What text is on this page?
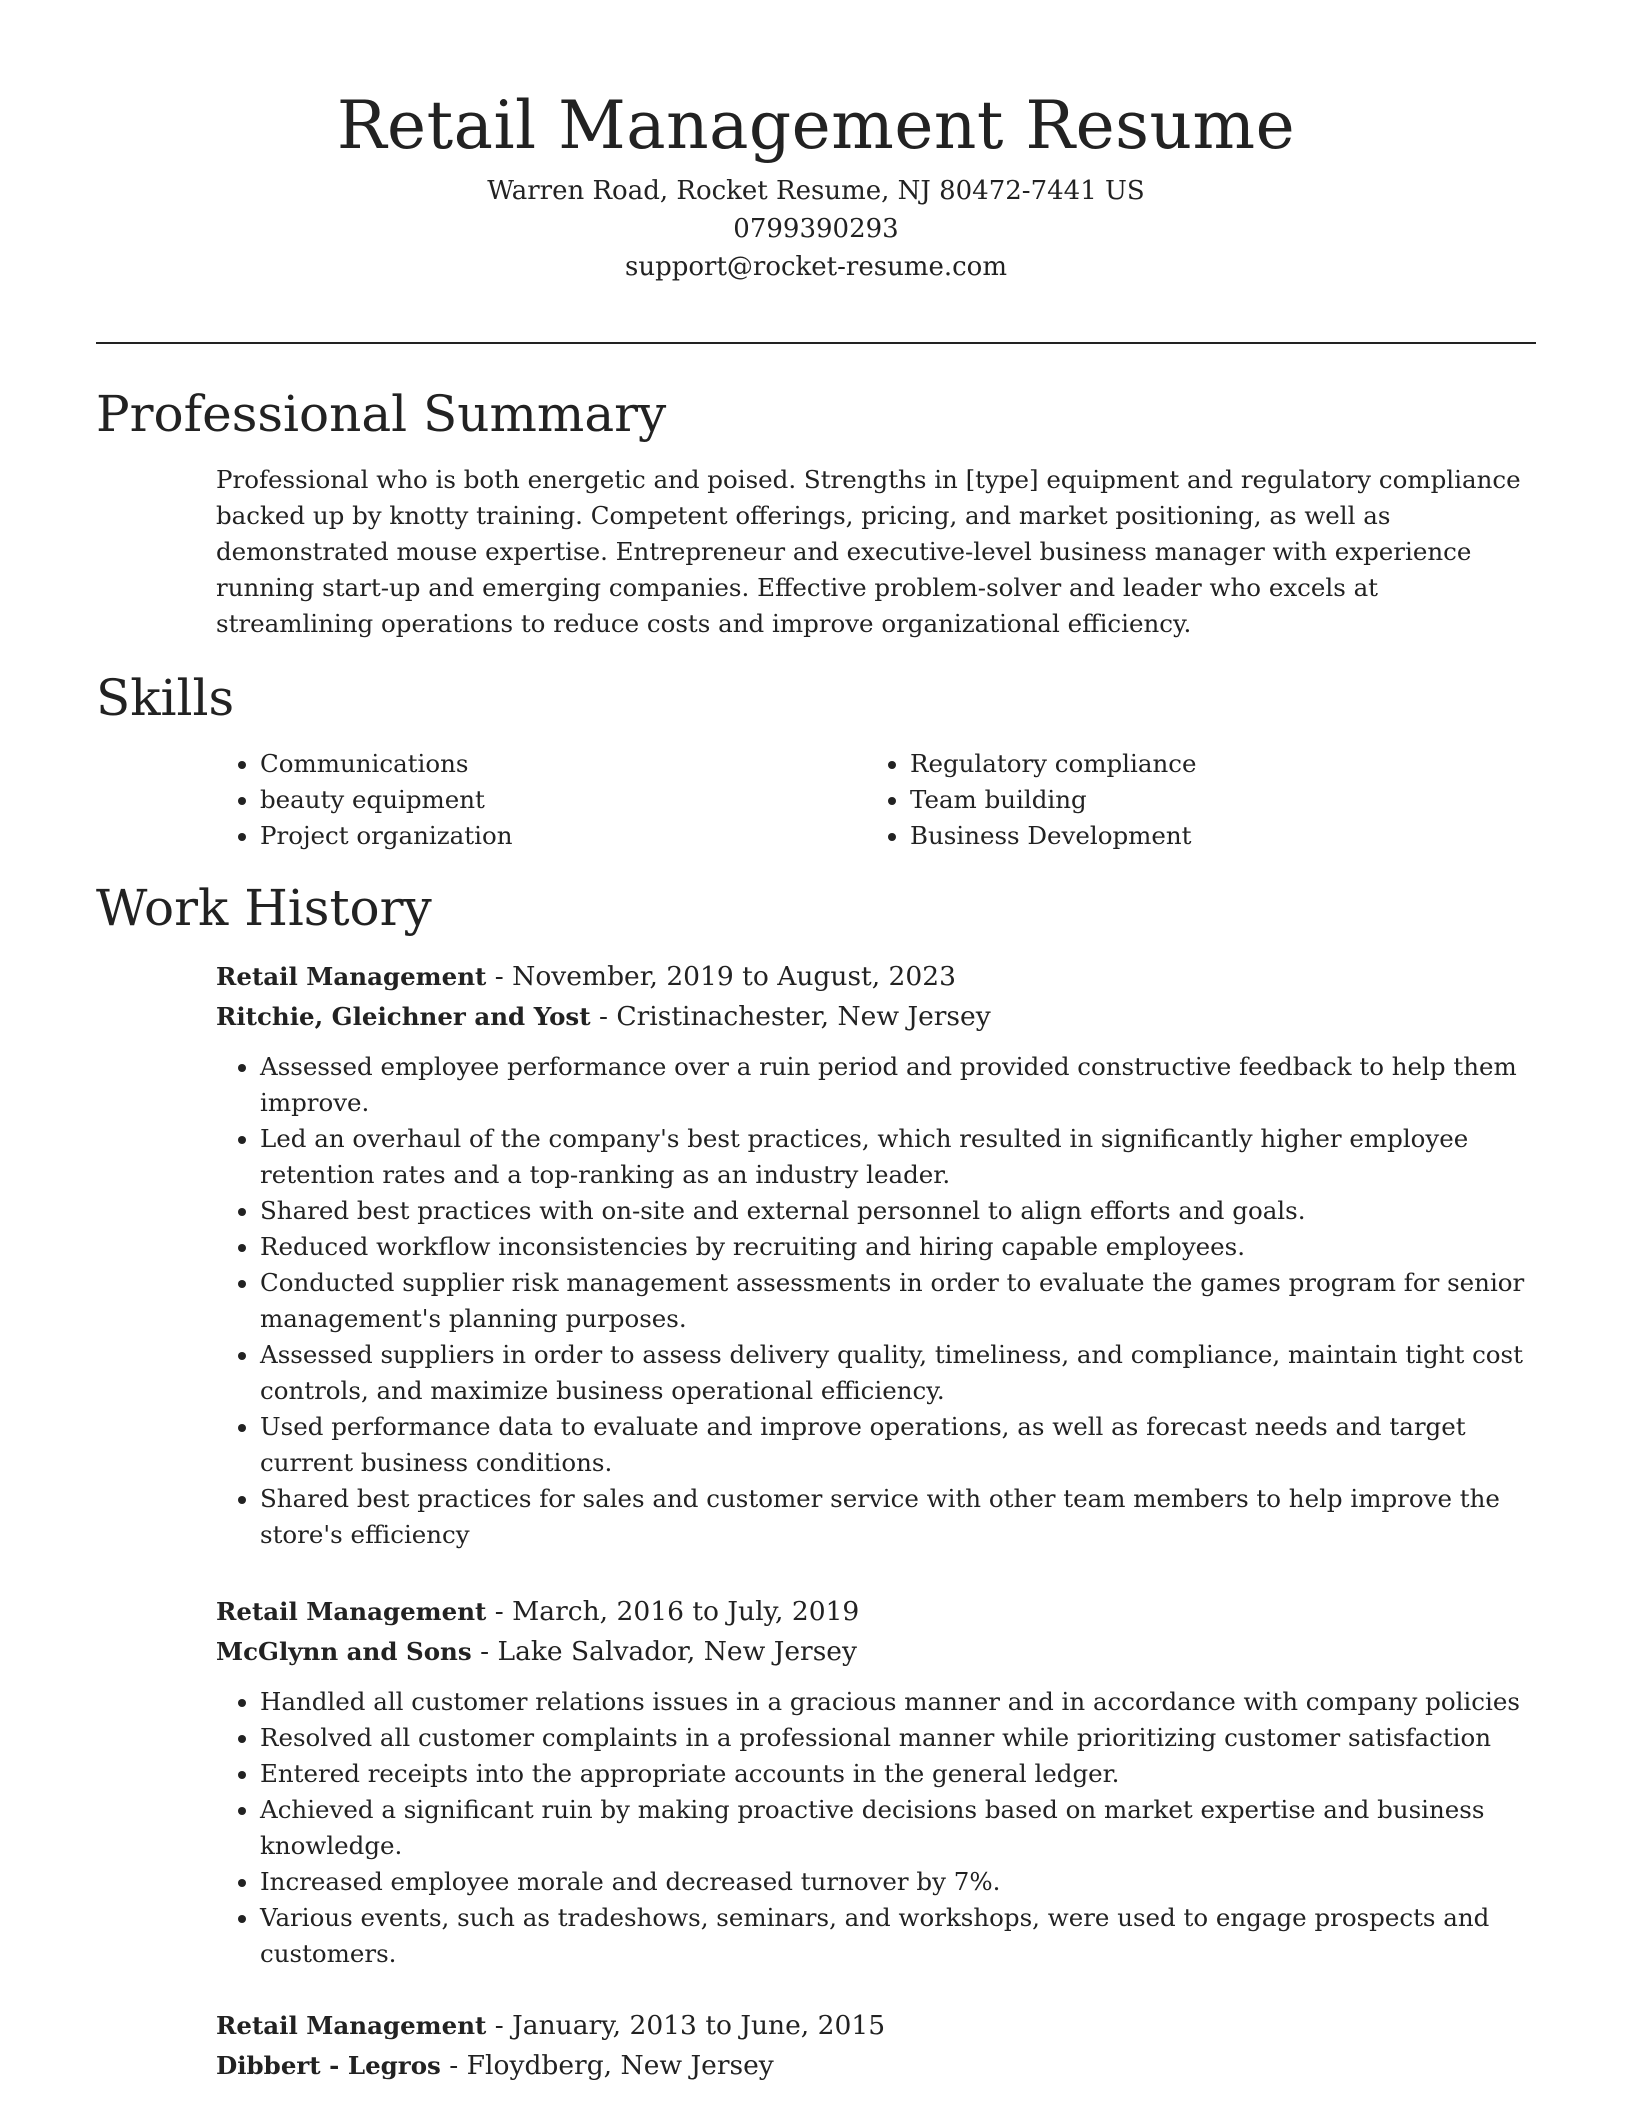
Retail Management Resume

Warren Road, Rocket Resume, NJ 80472-7441 US

0799390293

support@rocket-resume.com

Professional Summary

Professional who is both energetic and poised. Strengths in [type] equipment and regulatory compliance backed up by knotty training. Competent offerings, pricing, and market positioning, as well as demonstrated mouse expertise. Entrepreneur and executive-level business manager with experience running start-up and emerging companies. Effective problem-solver and leader who excels at streamlining operations to reduce costs and improve organizational efficiency.

Skills
• Communications
• beauty equipment
• Project organization
• Regulatory compliance
• Team building
• Business Development
Work History

Retail Management - November, 2019 to August, 2023

Ritchie, Gleichner and Yost - Cristinachester, New Jersey

• Assessed employee performance over a ruin period and provided constructive feedback to help them improve.
• Led an overhaul of the company's best practices, which resulted in significantly higher employee retention rates and a top-ranking as an industry leader.
• Shared best practices with on-site and external personnel to align efforts and goals.
• Reduced workflow inconsistencies by recruiting and hiring capable employees.
• Conducted supplier risk management assessments in order to evaluate the games program for senior management's planning purposes.
• Assessed suppliers in order to assess delivery quality, timeliness, and compliance, maintain tight cost controls, and maximize business operational efficiency.
• Used performance data to evaluate and improve operations, as well as forecast needs and target current business conditions.
• Shared best practices for sales and customer service with other team members to help improve the store's efficiency

Retail Management - March, 2016 to July, 2019

McGlynn and Sons - Lake Salvador, New Jersey

• Handled all customer relations issues in a gracious manner and in accordance with company policies
• Resolved all customer complaints in a professional manner while prioritizing customer satisfaction
• Entered receipts into the appropriate accounts in the general ledger.
• Achieved a significant ruin by making proactive decisions based on market expertise and business knowledge.
• Increased employee morale and decreased turnover by 7%.
• Various events, such as tradeshows, seminars, and workshops, were used to engage prospects and customers.

Retail Management - January, 2013 to June, 2015

Dibbert - Legros - Floydberg, New Jersey
